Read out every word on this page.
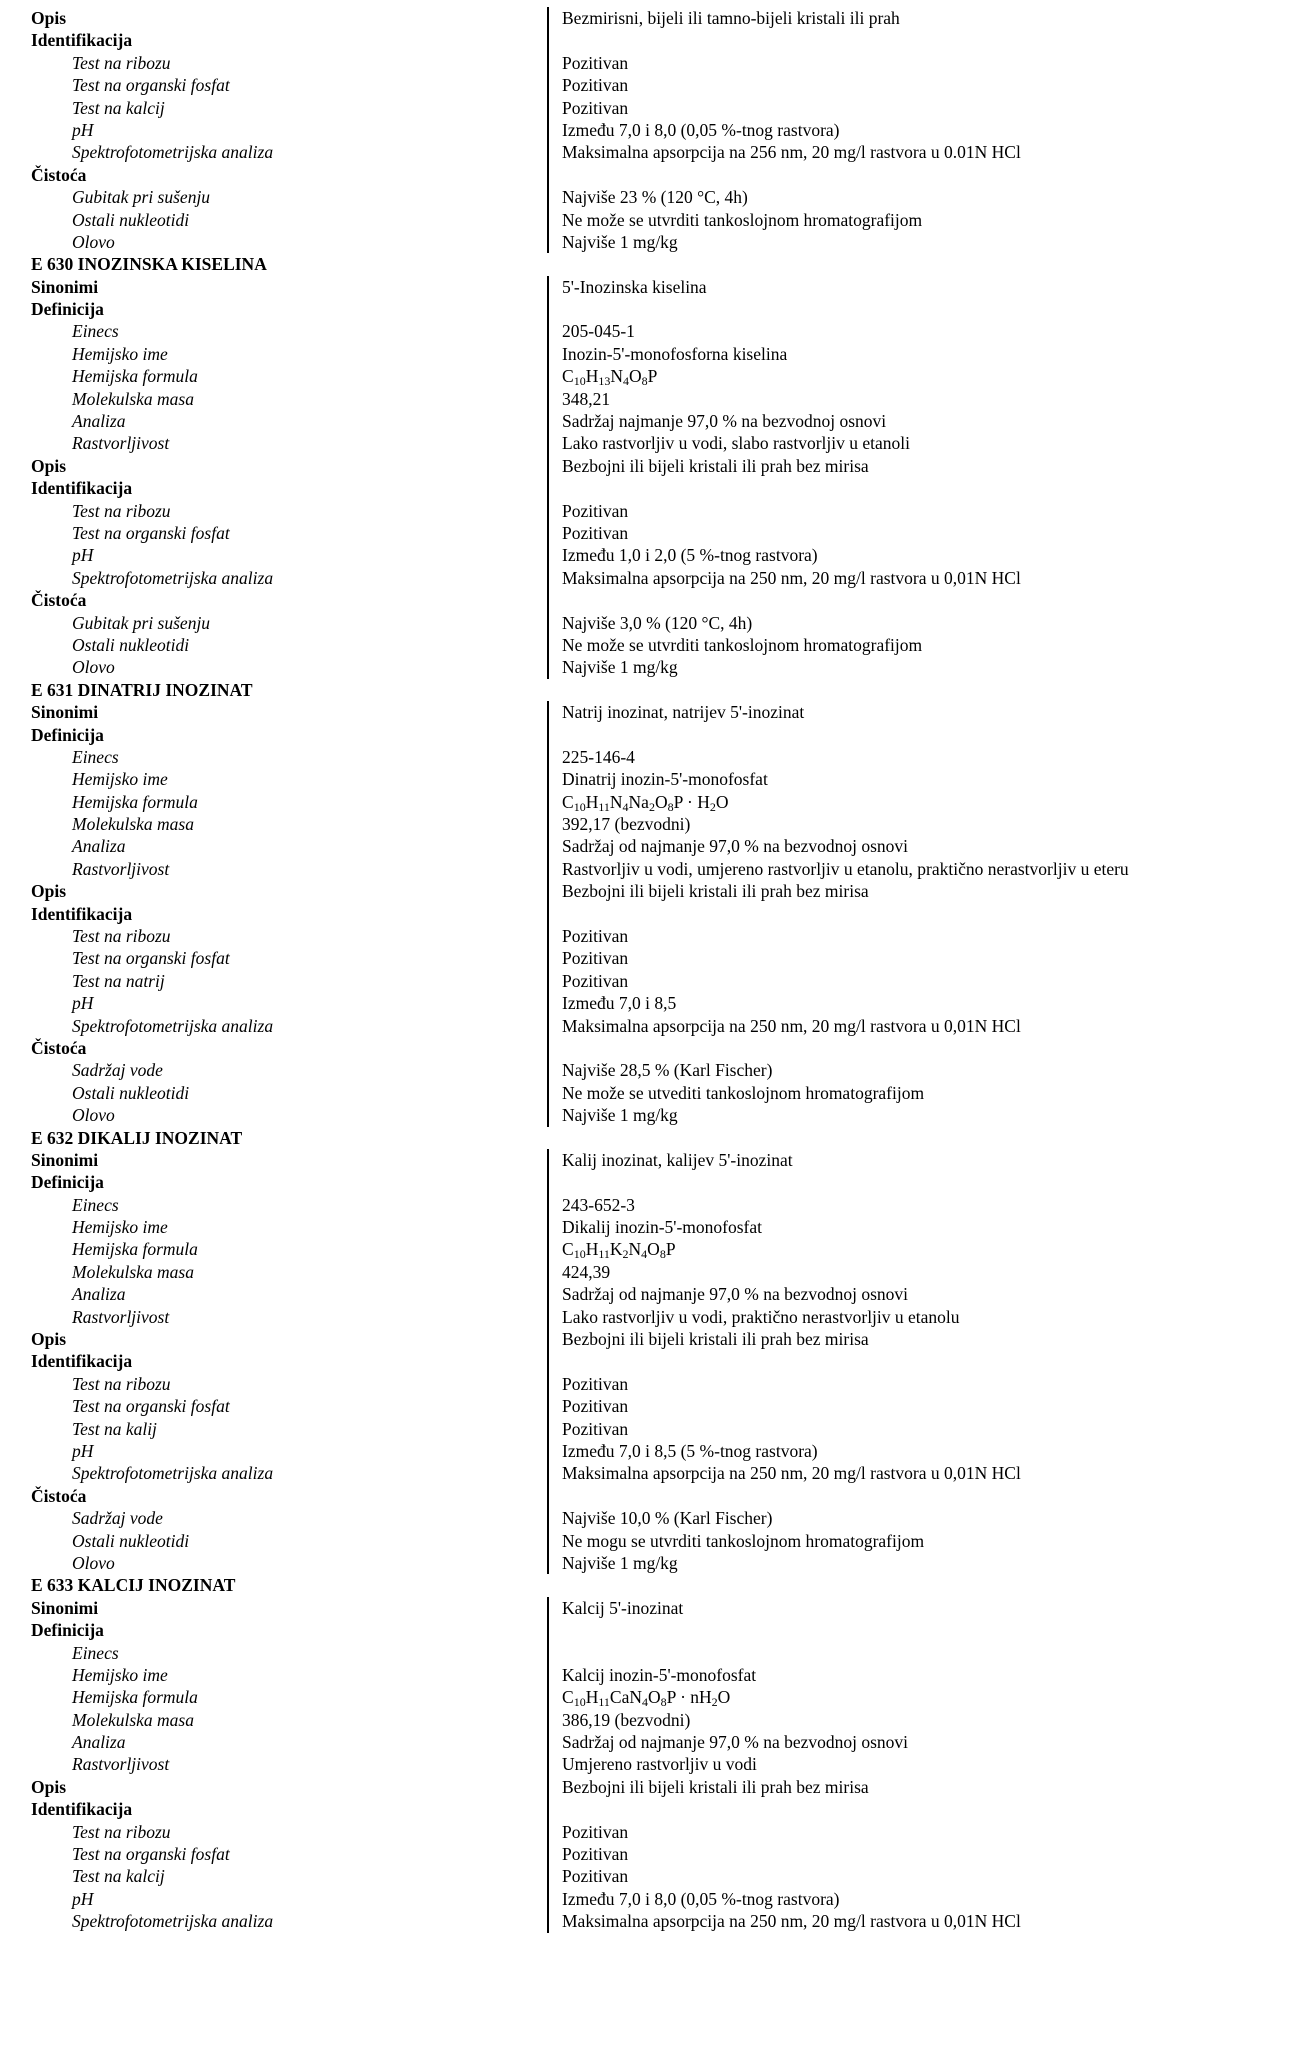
Opis	Bezmirisni, bijeli ili tamno-bijeli kristali ili prah
Identifikacija
Test na ribozu	Pozitivan
Test na organski fosfat	Pozitivan
Test na kalcij	Pozitivan
pH	Između 7,0 i 8,0 (0,05 %-tnog rastvora)
Spektrofotometrijska analiza	Maksimalna apsorpcija na 256 nm, 20 mg/l rastvora u 0.01N HCl
Čistoća
Gubitak pri sušenju	Najviše 23 % (120 °C, 4h)
Ostali nukleotidi	Ne može se utvrditi tankoslojnom hromatografijom
Olovo	Najviše 1 mg/kg
E 630 INOZINSKA KISELINA
Sinonimi	5'-Inozinska kiselina
Definicija
Einecs	205-045-1
Hemijsko ime	Inozin-5'-monofosforna kiselina
Hemijska formula	$C_{10}H_{13}N_4O_8P$
Molekulska masa	348,21
Analiza	Sadržaj najmanje 97,0 % na bezvodnoj osnovi
Rastvorljivost	Lako rastvorljiv u vodi, slabo rastvorljiv u etanoli
Opis	Bezbojni ili bijeli kristali ili prah bez mirisa
Identifikacija
Test na ribozu	Pozitivan
Test na organski fosfat	Pozitivan
pH	Između 1,0 i 2,0 (5 %-tnog rastvora)
Spektrofotometrijska analiza	Maksimalna apsorpcija na 250 nm, 20 mg/l rastvora u 0,01N HCl
Čistoća
Gubitak pri sušenju	Najviše 3,0 % (120 °C, 4h)
Ostali nukleotidi	Ne može se utvrditi tankoslojnom hromatografijom
Olovo	Najviše 1 mg/kg
E 631 DINATRIJ INOZINAT
Sinonimi	Natrij inozinat, natrijev 5'-inozinat
Definicija
Einecs	225-146-4
Hemijsko ime	Dinatrij inozin-5'-monofosfat
Hemijska formula	$C_{10}H_{11}N_4Na_2O_8P \cdot H_2O$
Molekulska masa	392,17 (bezvodni)
Analiza	Sadržaj od najmanje 97,0 % na bezvodnoj osnovi
Rastvorljivost	Rastvorljiv u vodi, umjereno rastvorljiv u etanolu, praktično nerastvorljiv u eteru
Opis	Bezbojni ili bijeli kristali ili prah bez mirisa
Identifikacija
Test na ribozu	Pozitivan
Test na organski fosfat	Pozitivan
Test na natrij	Pozitivan
pH	Između 7,0 i 8,5
Spektrofotometrijska analiza	Maksimalna apsorpcija na 250 nm, 20 mg/l rastvora u 0,01N HCl
Čistoća
Sadržaj vode	Najviše 28,5 % (Karl Fischer)
Ostali nukleotidi	Ne može se utvediti tankoslojnom hromatografijom
Olovo	Najviše 1 mg/kg
E 632 DIKALIJ INOZINAT
Sinonimi	Kalij inozinat, kalijev 5'-inozinat
Definicija
Einecs	243-652-3
Hemijsko ime	Dikalij inozin-5'-monofosfat
Hemijska formula	$C_{10}H_{11}K_2N_4O_8P$
Molekulska masa	424,39
Analiza	Sadržaj od najmanje 97,0 % na bezvodnoj osnovi
Rastvorljivost	Lako rastvorljiv u vodi, praktično nerastvorljiv u etanolu
Opis	Bezbojni ili bijeli kristali ili prah bez mirisa
Identifikacija
Test na ribozu	Pozitivan
Test na organski fosfat	Pozitivan
Test na kalij	Pozitivan
pH	Između 7,0 i 8,5 (5 %-tnog rastvora)
Spektrofotometrijska analiza	Maksimalna apsorpcija na 250 nm, 20 mg/l rastvora u 0,01N HCl
Čistoća
Sadržaj vode	Najviše 10,0 % (Karl Fischer)
Ostali nukleotidi	Ne mogu se utvrditi tankoslojnom hromatografijom
Olovo	Najviše 1 mg/kg
E 633 KALCIJ INOZINAT
Sinonimi	Kalcij 5'-inozinat
Definicija
Einecs
Hemijsko ime	Kalcij inozin-5'-monofosfat
Hemijska formula	$C_{10}H_{11}CaN_4O_8P \cdot nH_2O$
Molekulska masa	386,19 (bezvodni)
Analiza	Sadržaj od najmanje 97,0 % na bezvodnoj osnovi
Rastvorljivost	Umjereno rastvorljiv u vodi
Opis	Bezbojni ili bijeli kristali ili prah bez mirisa
Identifikacija
Test na ribozu	Pozitivan
Test na organski fosfat	Pozitivan
Test na kalcij	Pozitivan
pH	Između 7,0 i 8,0 (0,05 %-tnog rastvora)
Spektrofotometrijska analiza	Maksimalna apsorpcija na 250 nm, 20 mg/l rastvora u 0,01N HCl
